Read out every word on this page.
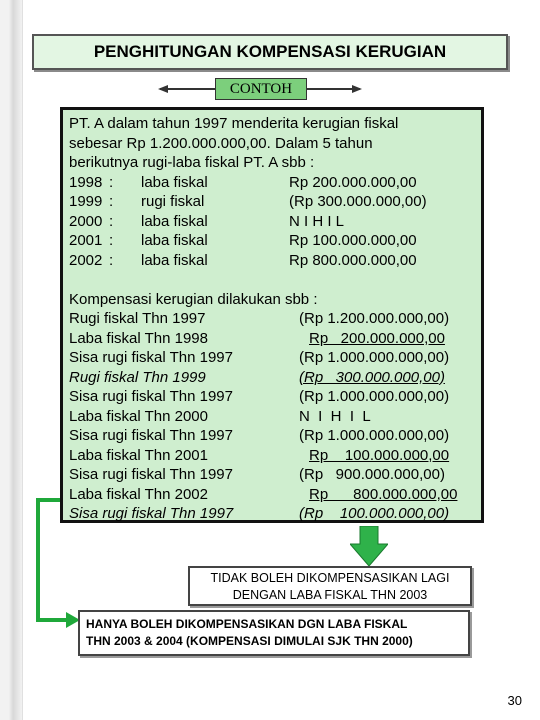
PENGHITUNGAN KOMPENSASI KERUGIAN
CONTOH
PT. A dalam tahun 1997 menderita kerugian fiskal
sebesar Rp 1.200.000.000,00. Dalam 5 tahun
berikutnya rugi-laba fiskal PT. A sbb :
1998 :	laba fiskal	Rp 200.000.000,00
1999 :	rugi fiskal	(Rp 300.000.000,00)
2000 :	laba fiskal	N I H I L
2001 :	laba fiskal	Rp 100.000.000,00
2002 :	laba fiskal	Rp 800.000.000,00
Kompensasi kerugian dilakukan sbb :
Rugi fiskal Thn 1997	(Rp 1.200.000.000,00)
Laba fiskal Thn 1998	Rp   200.000.000,00
Sisa rugi fiskal Thn 1997	(Rp 1.000.000.000,00)
Rugi fiskal Thn 1999	(Rp   300.000.000,00)
Sisa rugi fiskal Thn 1997	(Rp 1.000.000.000,00)
Laba fiskal Thn 2000	N  I  H  I  L
Sisa rugi fiskal Thn 1997	(Rp 1.000.000.000,00)
Laba fiskal Thn 2001	Rp    100.000.000,00
Sisa rugi fiskal Thn 1997	(Rp   900.000.000,00)
Laba fiskal Thn 2002	Rp      800.000.000,00
Sisa rugi fiskal Thn 1997	(Rp    100.000.000,00)
TIDAK BOLEH DIKOMPENSASIKAN LAGI
DENGAN LABA FISKAL THN 2003
HANYA BOLEH DIKOMPENSASIKAN DGN LABA FISKAL
THN 2003 & 2004 (KOMPENSASI DIMULAI SJK THN 2000)
30
